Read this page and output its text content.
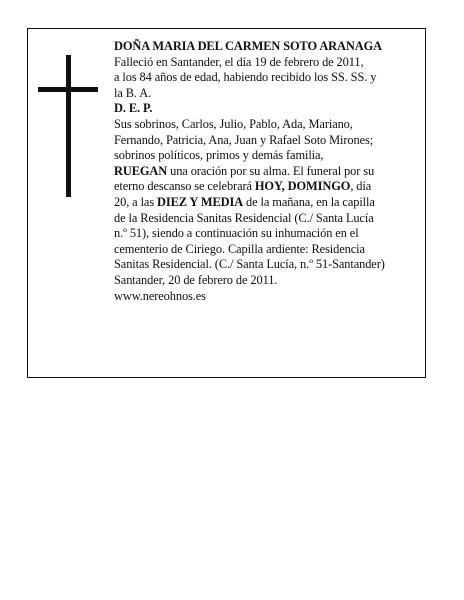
DOÑA MARIA DEL CARMEN SOTO ARANAGA

Falleció en Santander, el día 19 de febrero de 2011,

a los 84 años de edad, habiendo recibido los SS. SS. y

la B. A.

D. E. P.

Sus sobrinos, Carlos, Julio, Pablo, Ada, Mariano,

Fernando, Patricia, Ana, Juan y Rafael Soto Mirones;

sobrinos políticos, primos y demás familia,

RUEGAN una oración por su alma. El funeral por su

eterno descanso se celebrará HOY, DOMINGO, día

20, a las DIEZ Y MEDIA de la mañana, en la capilla

de la Residencia Sanitas Residencial (C./ Santa Lucía

n.º 51), siendo a continuación su inhumación en el

cementerio de Ciriego. Capilla ardiente: Residencia

Sanitas Residencial. (C./ Santa Lucía, n.º 51-Santander)

Santander, 20 de febrero de 2011.

www.nereohnos.es
